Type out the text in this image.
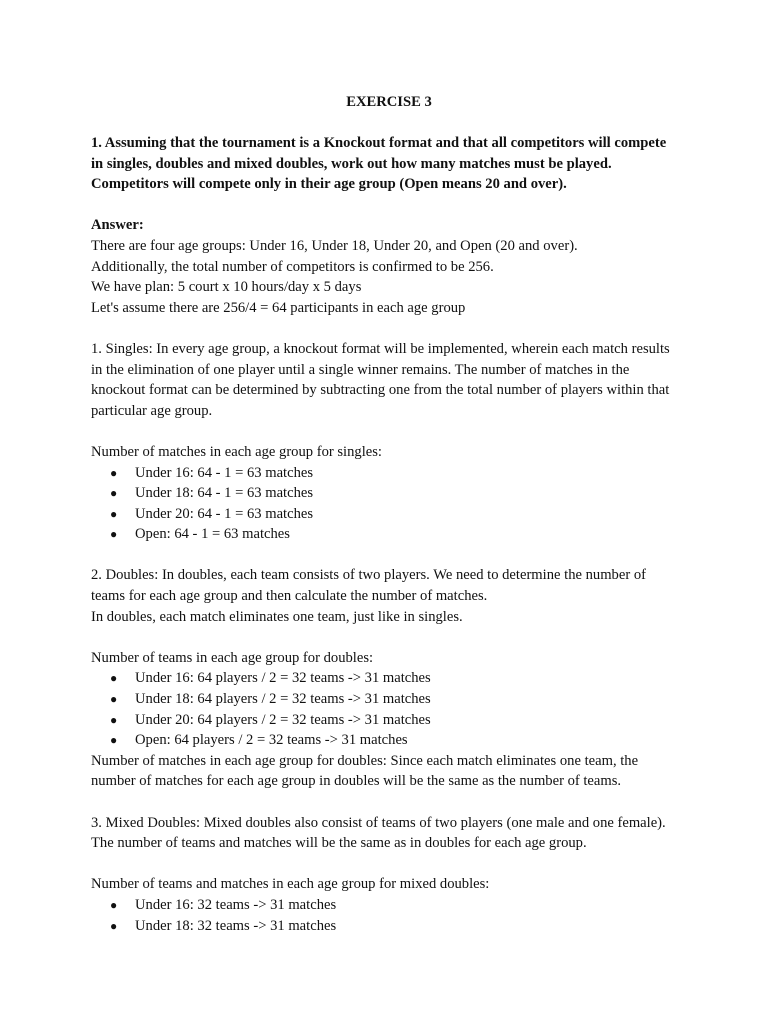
EXERCISE 3

1. Assuming that the tournament is a Knockout format and that all competitors will compete in singles, doubles and mixed doubles, work out how many matches must be played. Competitors will compete only in their age group (Open means 20 and over).

Answer:

There are four age groups: Under 16, Under 18, Under 20, and Open (20 and over).

Additionally, the total number of competitors is confirmed to be 256.

We have plan: 5 court x 10 hours/day x 5 days

Let's assume there are 256/4 = 64 participants in each age group

1. Singles: In every age group, a knockout format will be implemented, wherein each match results in the elimination of one player until a single winner remains. The number of matches in the knockout format can be determined by subtracting one from the total number of players within that particular age group.

Number of matches in each age group for singles:

● Under 16: 64 - 1 = 63 matches
● Under 18: 64 - 1 = 63 matches
● Under 20: 64 - 1 = 63 matches
● Open: 64 - 1 = 63 matches

2. Doubles: In doubles, each team consists of two players. We need to determine the number of teams for each age group and then calculate the number of matches.

In doubles, each match eliminates one team, just like in singles.

Number of teams in each age group for doubles:

● Under 16: 64 players / 2 = 32 teams -> 31 matches
● Under 18: 64 players / 2 = 32 teams -> 31 matches
● Under 20: 64 players / 2 = 32 teams -> 31 matches
● Open: 64 players / 2 = 32 teams -> 31 matches

Number of matches in each age group for doubles: Since each match eliminates one team, the number of matches for each age group in doubles will be the same as the number of teams.

3. Mixed Doubles: Mixed doubles also consist of teams of two players (one male and one female). The number of teams and matches will be the same as in doubles for each age group.

Number of teams and matches in each age group for mixed doubles:

● Under 16: 32 teams -> 31 matches
● Under 18: 32 teams -> 31 matches
